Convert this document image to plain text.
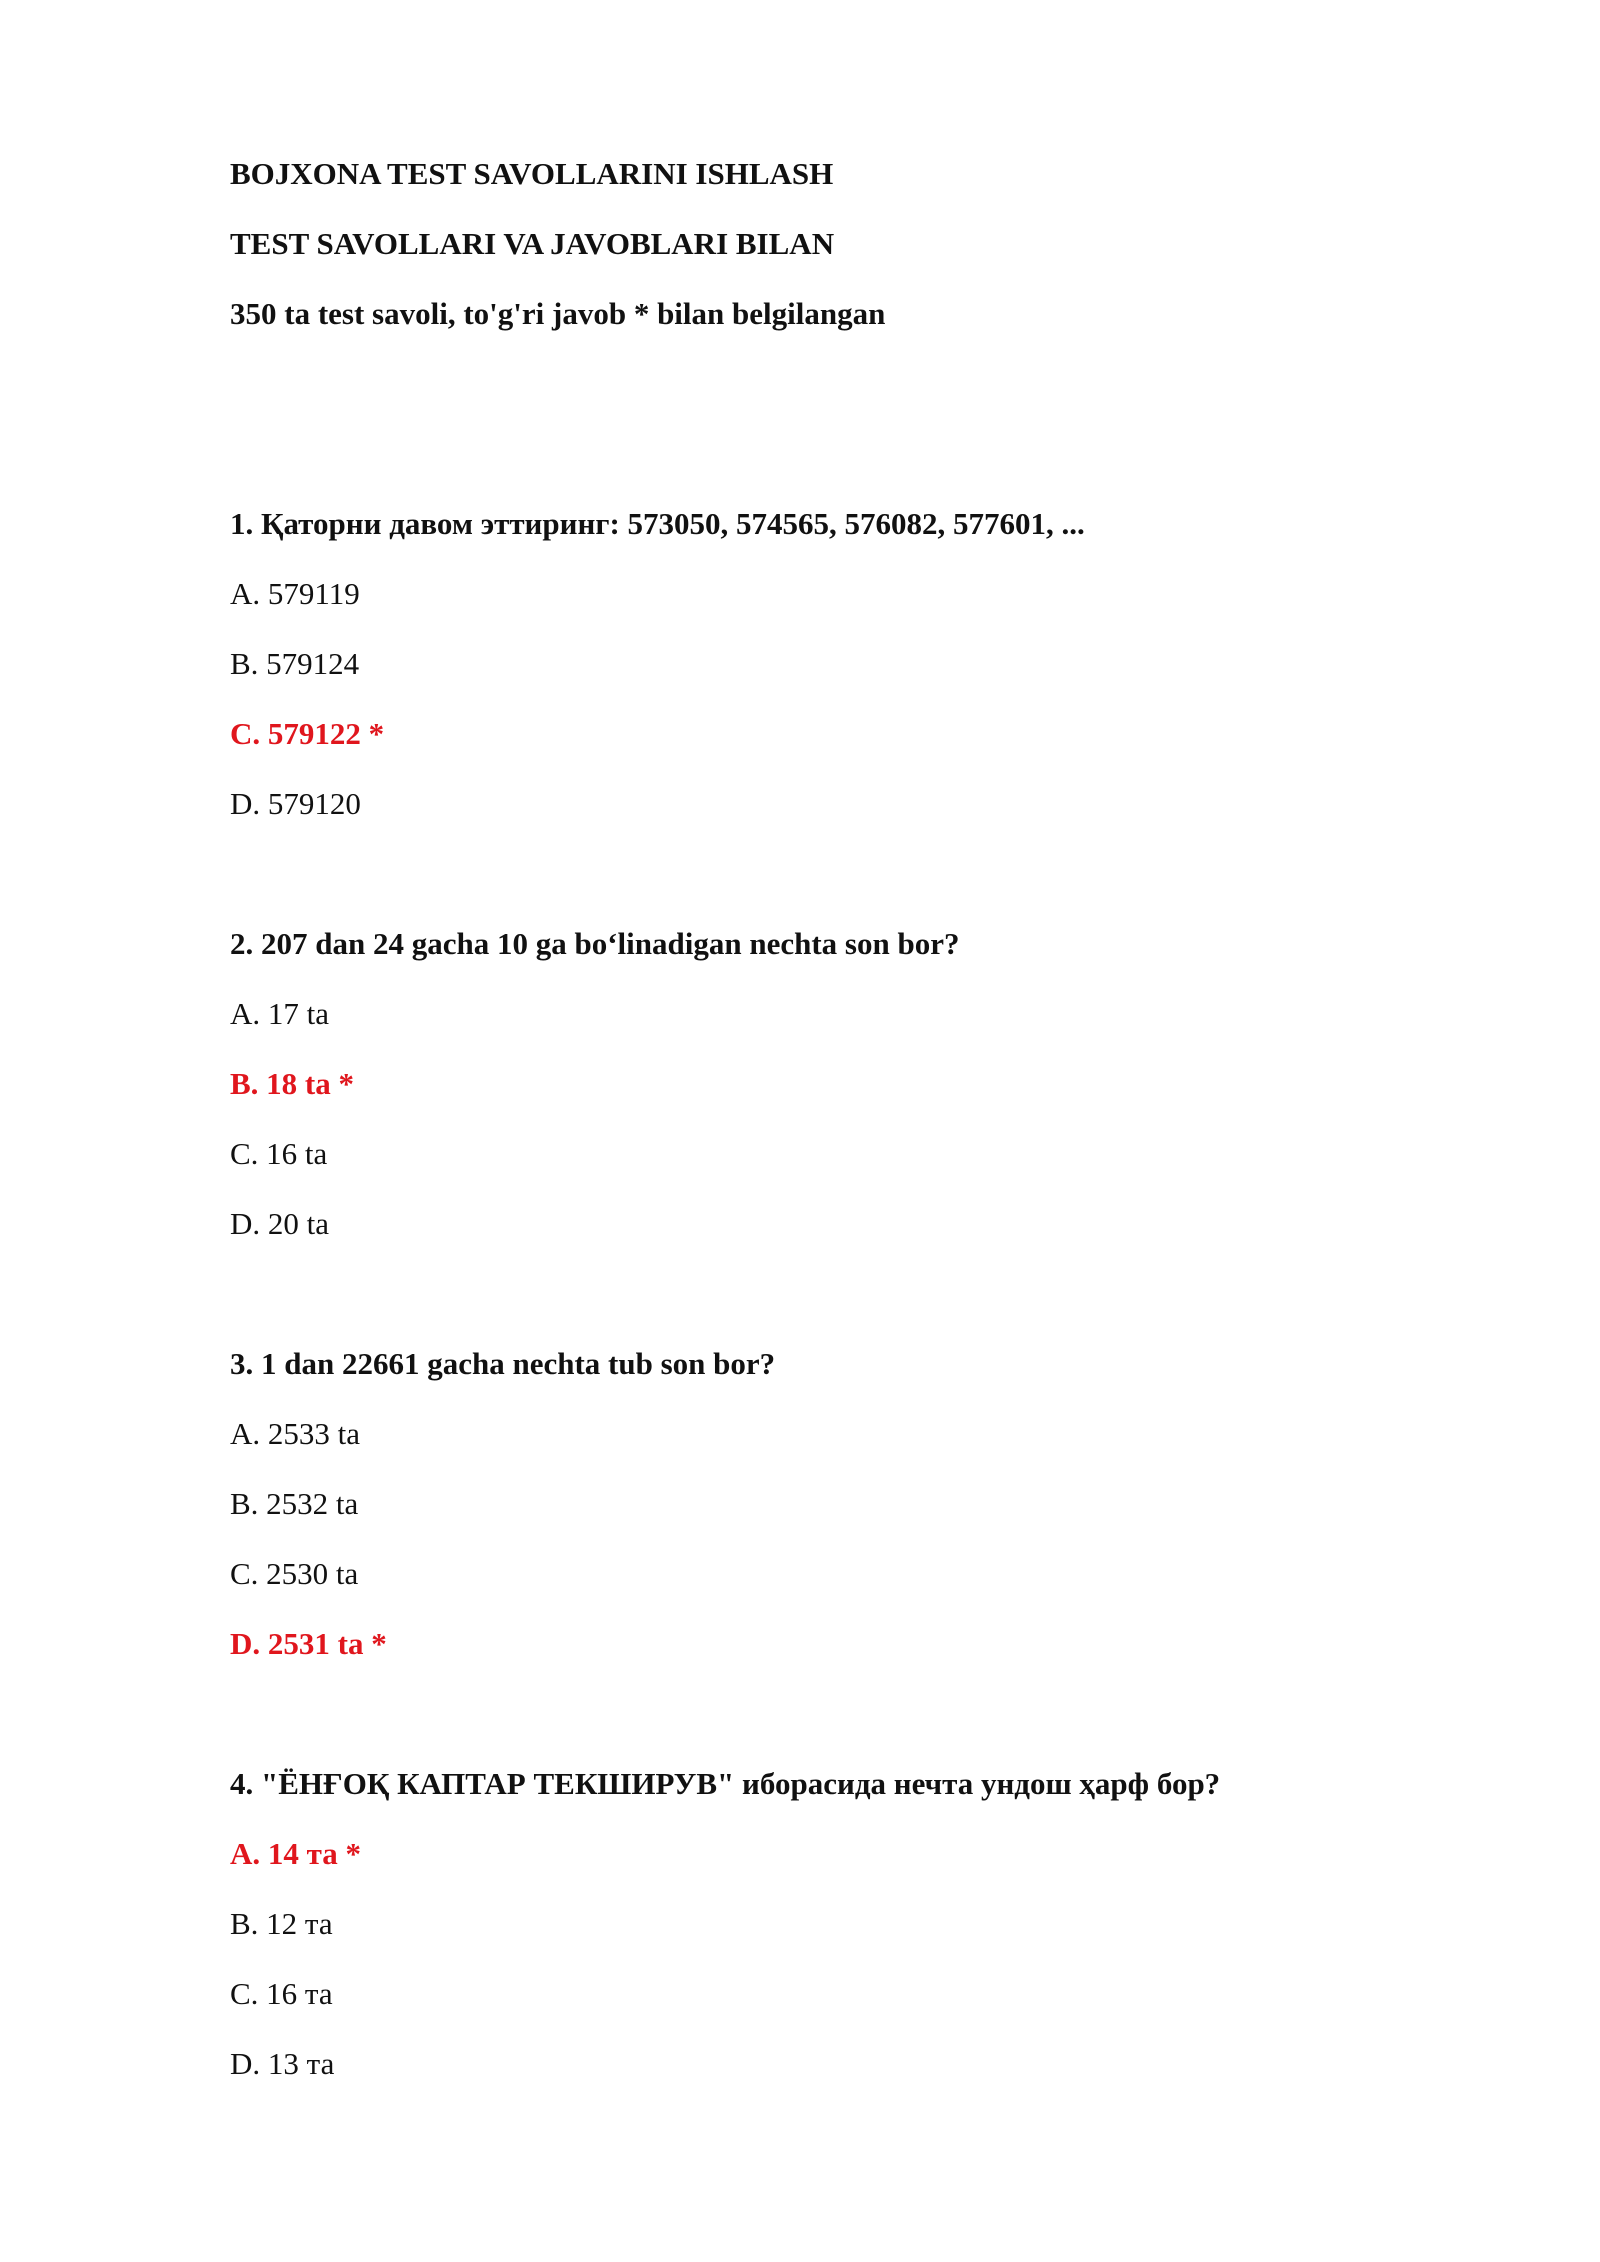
BOJXONA TEST SAVOLLARINI ISHLASH
TEST SAVOLLARI VA JAVOBLARI BILAN
350 ta test savoli, to'g'ri javob * bilan belgilangan
1. Қаторни давом эттиринг: 573050, 574565, 576082, 577601, ...
A. 579119
B. 579124
C. 579122 *
D. 579120
2. 207 dan 24 gacha 10 ga bo‘linadigan nechta son bor?
A. 17 ta
B. 18 ta *
C. 16 ta
D. 20 ta
3. 1 dan 22661 gacha nechta tub son bor?
A. 2533 ta
B. 2532 ta
C. 2530 ta
D. 2531 ta *
4. "ЁНҒОҚ КАПТАР ТЕКШИРУВ" иборасида нечта ундош ҳарф бор?
A. 14 та *
B. 12 та
C. 16 та
D. 13 та
